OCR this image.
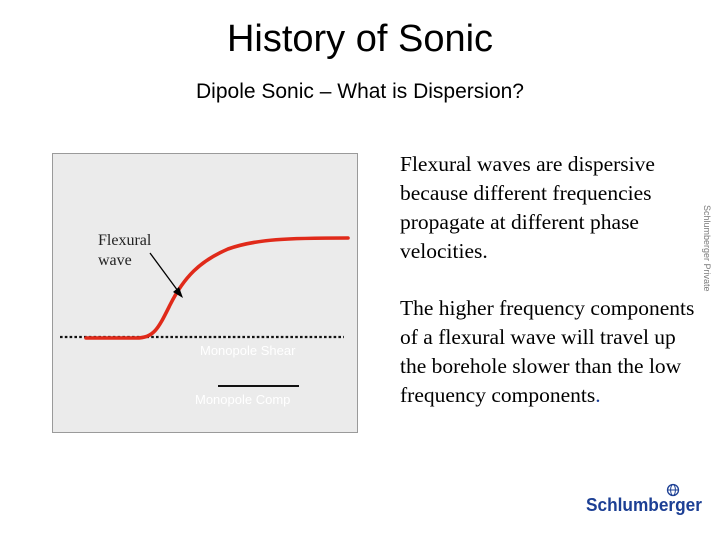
History of Sonic
Dipole Sonic – What is Dispersion?
Flexural
wave
Monopole Shear
Monopole Comp
Flexural waves are dispersive because different frequencies propagate at different phase velocities.
The higher frequency components of a flexural wave will travel up the borehole slower than the low frequency components.
Schlumberger Private
Schlumberger
